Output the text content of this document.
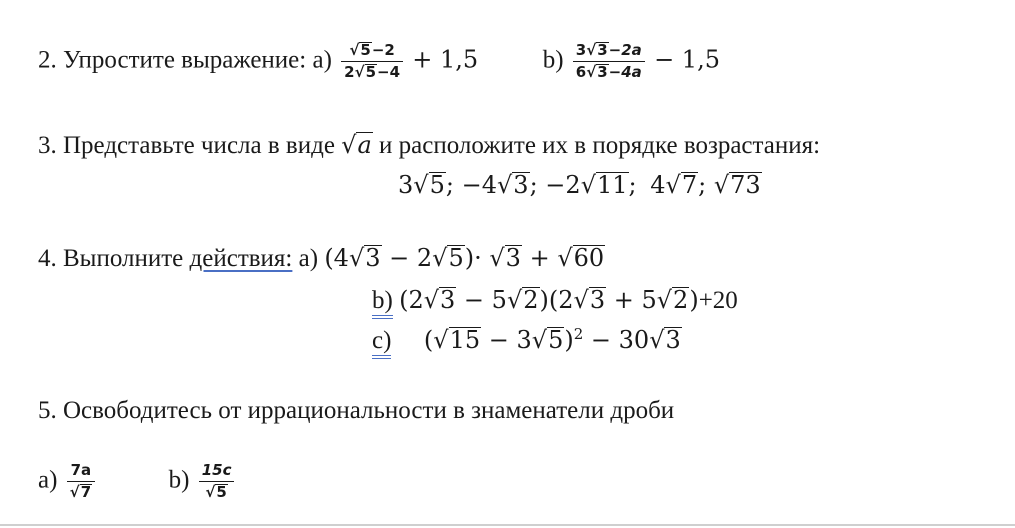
2. Упростите выражение: $a) \frac{√5-2}{2√5-4} + 1,5$	$b) \frac{3√3-2a}{6√3-4a} - 1,5$
3. Представьте числа в виде √a и расположите их в порядке возрастания:
3√5; −4√3; −2√11; 4√7; √73
4. Выполните действия: a) (4√3 − 2√5)· √3 + √60
b) (2√3 − 5√2)(2√3 + 5√2)+20
c) $(√15 - 3√5)^2 - 30√3$
5. Освободитесь от иррациональности в знаменатели дроби
$a) \frac{7a}{√7}$	$b) \frac{15c}{√5}$
